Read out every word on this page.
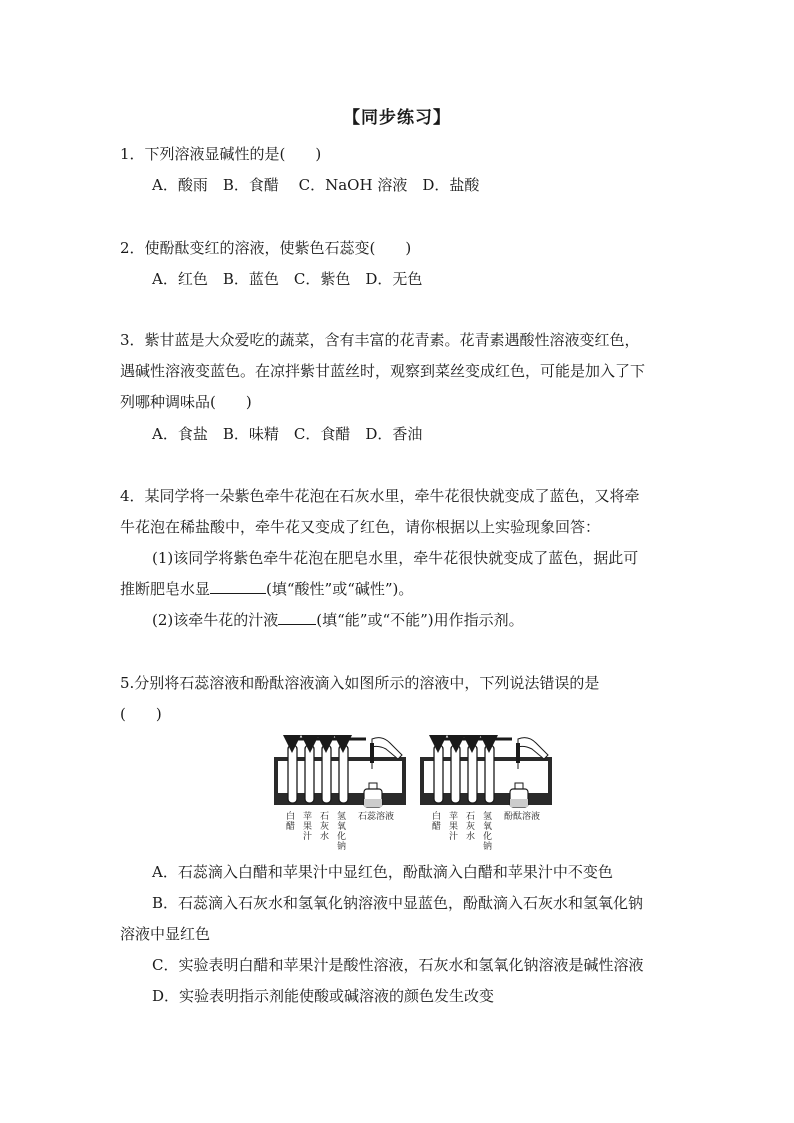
【同步练习】
1．下列溶液显碱性的是(　　)
A．酸雨　B．食醋　 C．NaOH 溶液　D．盐酸
2．使酚酞变红的溶液，使紫色石蕊变(　　)
A．红色　B．蓝色　C．紫色　D．无色
3．紫甘蓝是大众爱吃的蔬菜，含有丰富的花青素。花青素遇酸性溶液变红色，
遇碱性溶液变蓝色。在凉拌紫甘蓝丝时，观察到菜丝变成红色，可能是加入了下
列哪种调味品(　　)
A．食盐　B．味精　C．食醋　D．香油
4．某同学将一朵紫色牵牛花泡在石灰水里，牵牛花很快就变成了蓝色，又将牵
牛花泡在稀盐酸中，牵牛花又变成了红色，请你根据以上实验现象回答：
(1)该同学将紫色牵牛花泡在肥皂水里，牵牛花很快就变成了蓝色，据此可
推断肥皂水显	(填“酸性”或“碱性”)。
(2)该牵牛花的汁液	(填“能”或“不能”)用作指示剂。
5.分别将石蕊溶液和酚酞溶液滴入如图所示的溶液中，下列说法错误的是
(　　)
白醋
苹果汁
石灰水
氢氧化钠
石蕊溶液	白醋
苹果汁
石灰水
氢氧化钠
酚酞溶液
A．石蕊滴入白醋和苹果汁中显红色，酚酞滴入白醋和苹果汁中不变色
B．石蕊滴入石灰水和氢氧化钠溶液中显蓝色，酚酞滴入石灰水和氢氧化钠
溶液中显红色
C．实验表明白醋和苹果汁是酸性溶液，石灰水和氢氧化钠溶液是碱性溶液
D．实验表明指示剂能使酸或碱溶液的颜色发生改变
